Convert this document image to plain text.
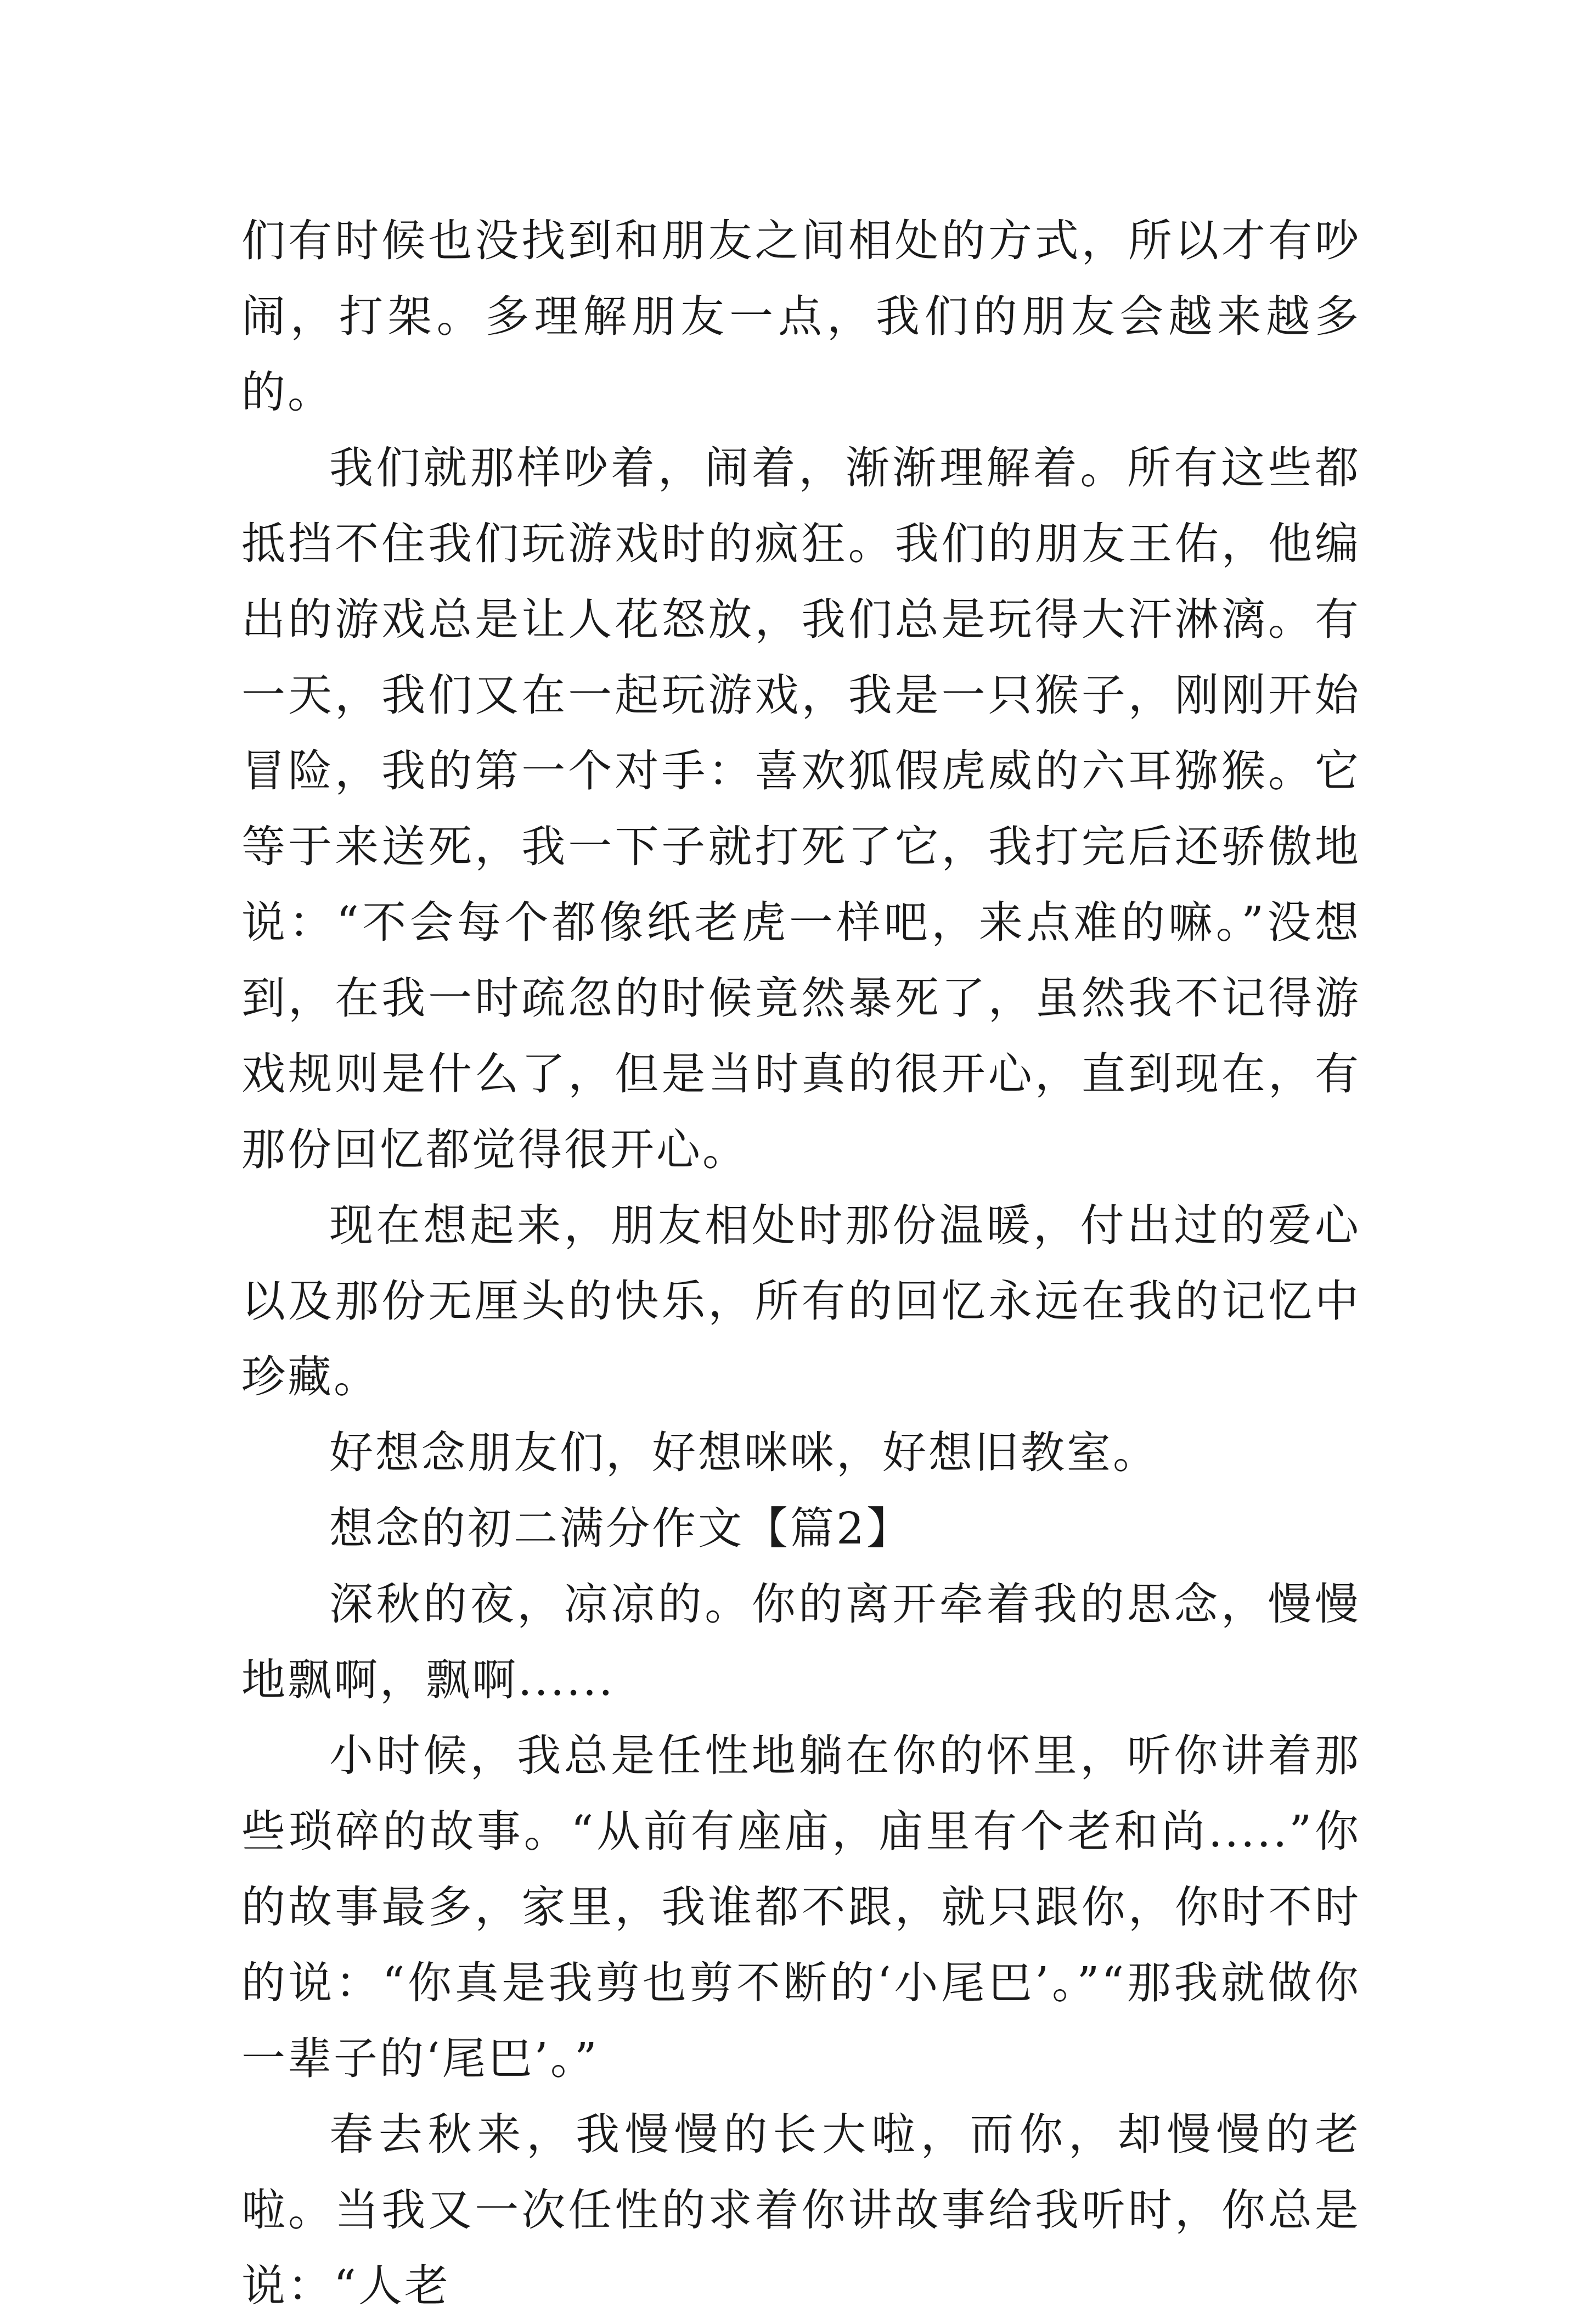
们有时候也没找到和朋友之间相处的方式，所以才有吵闹，打架。多理解朋友一点，我们的朋友会越来越多的。

我们就那样吵着，闹着，渐渐理解着。所有这些都抵挡不住我们玩游戏时的疯狂。我们的朋友王佑，他编出的游戏总是让人花怒放，我们总是玩得大汗淋漓。有一天，我们又在一起玩游戏，我是一只猴子，刚刚开始冒险，我的第一个对手：喜欢狐假虎威的六耳猕猴。它等于来送死，我一下子就打死了它，我打完后还骄傲地说：“不会每个都像纸老虎一样吧，来点难的嘛。”没想到，在我一时疏忽的时候竟然暴死了，虽然我不记得游戏规则是什么了，但是当时真的很开心，直到现在，有那份回忆都觉得很开心。

现在想起来，朋友相处时那份温暖，付出过的爱心以及那份无厘头的快乐，所有的回忆永远在我的记忆中珍藏。

好想念朋友们，好想咪咪，好想旧教室。

想念的初二满分作文【篇2】

深秋的夜，凉凉的。你的离开牵着我的思念，慢慢地飘啊，飘啊......

小时候，我总是任性地躺在你的怀里，听你讲着那些琐碎的故事。“从前有座庙，庙里有个老和尚.....”你的故事最多，家里，我谁都不跟，就只跟你，你时不时的说：“你真是我剪也剪不断的‘小尾巴’。”“那我就做你一辈子的‘尾巴’。”

春去秋来，我慢慢的长大啦，而你，却慢慢的老啦。当我又一次任性的求着你讲故事给我听时，你总是说：“人老
